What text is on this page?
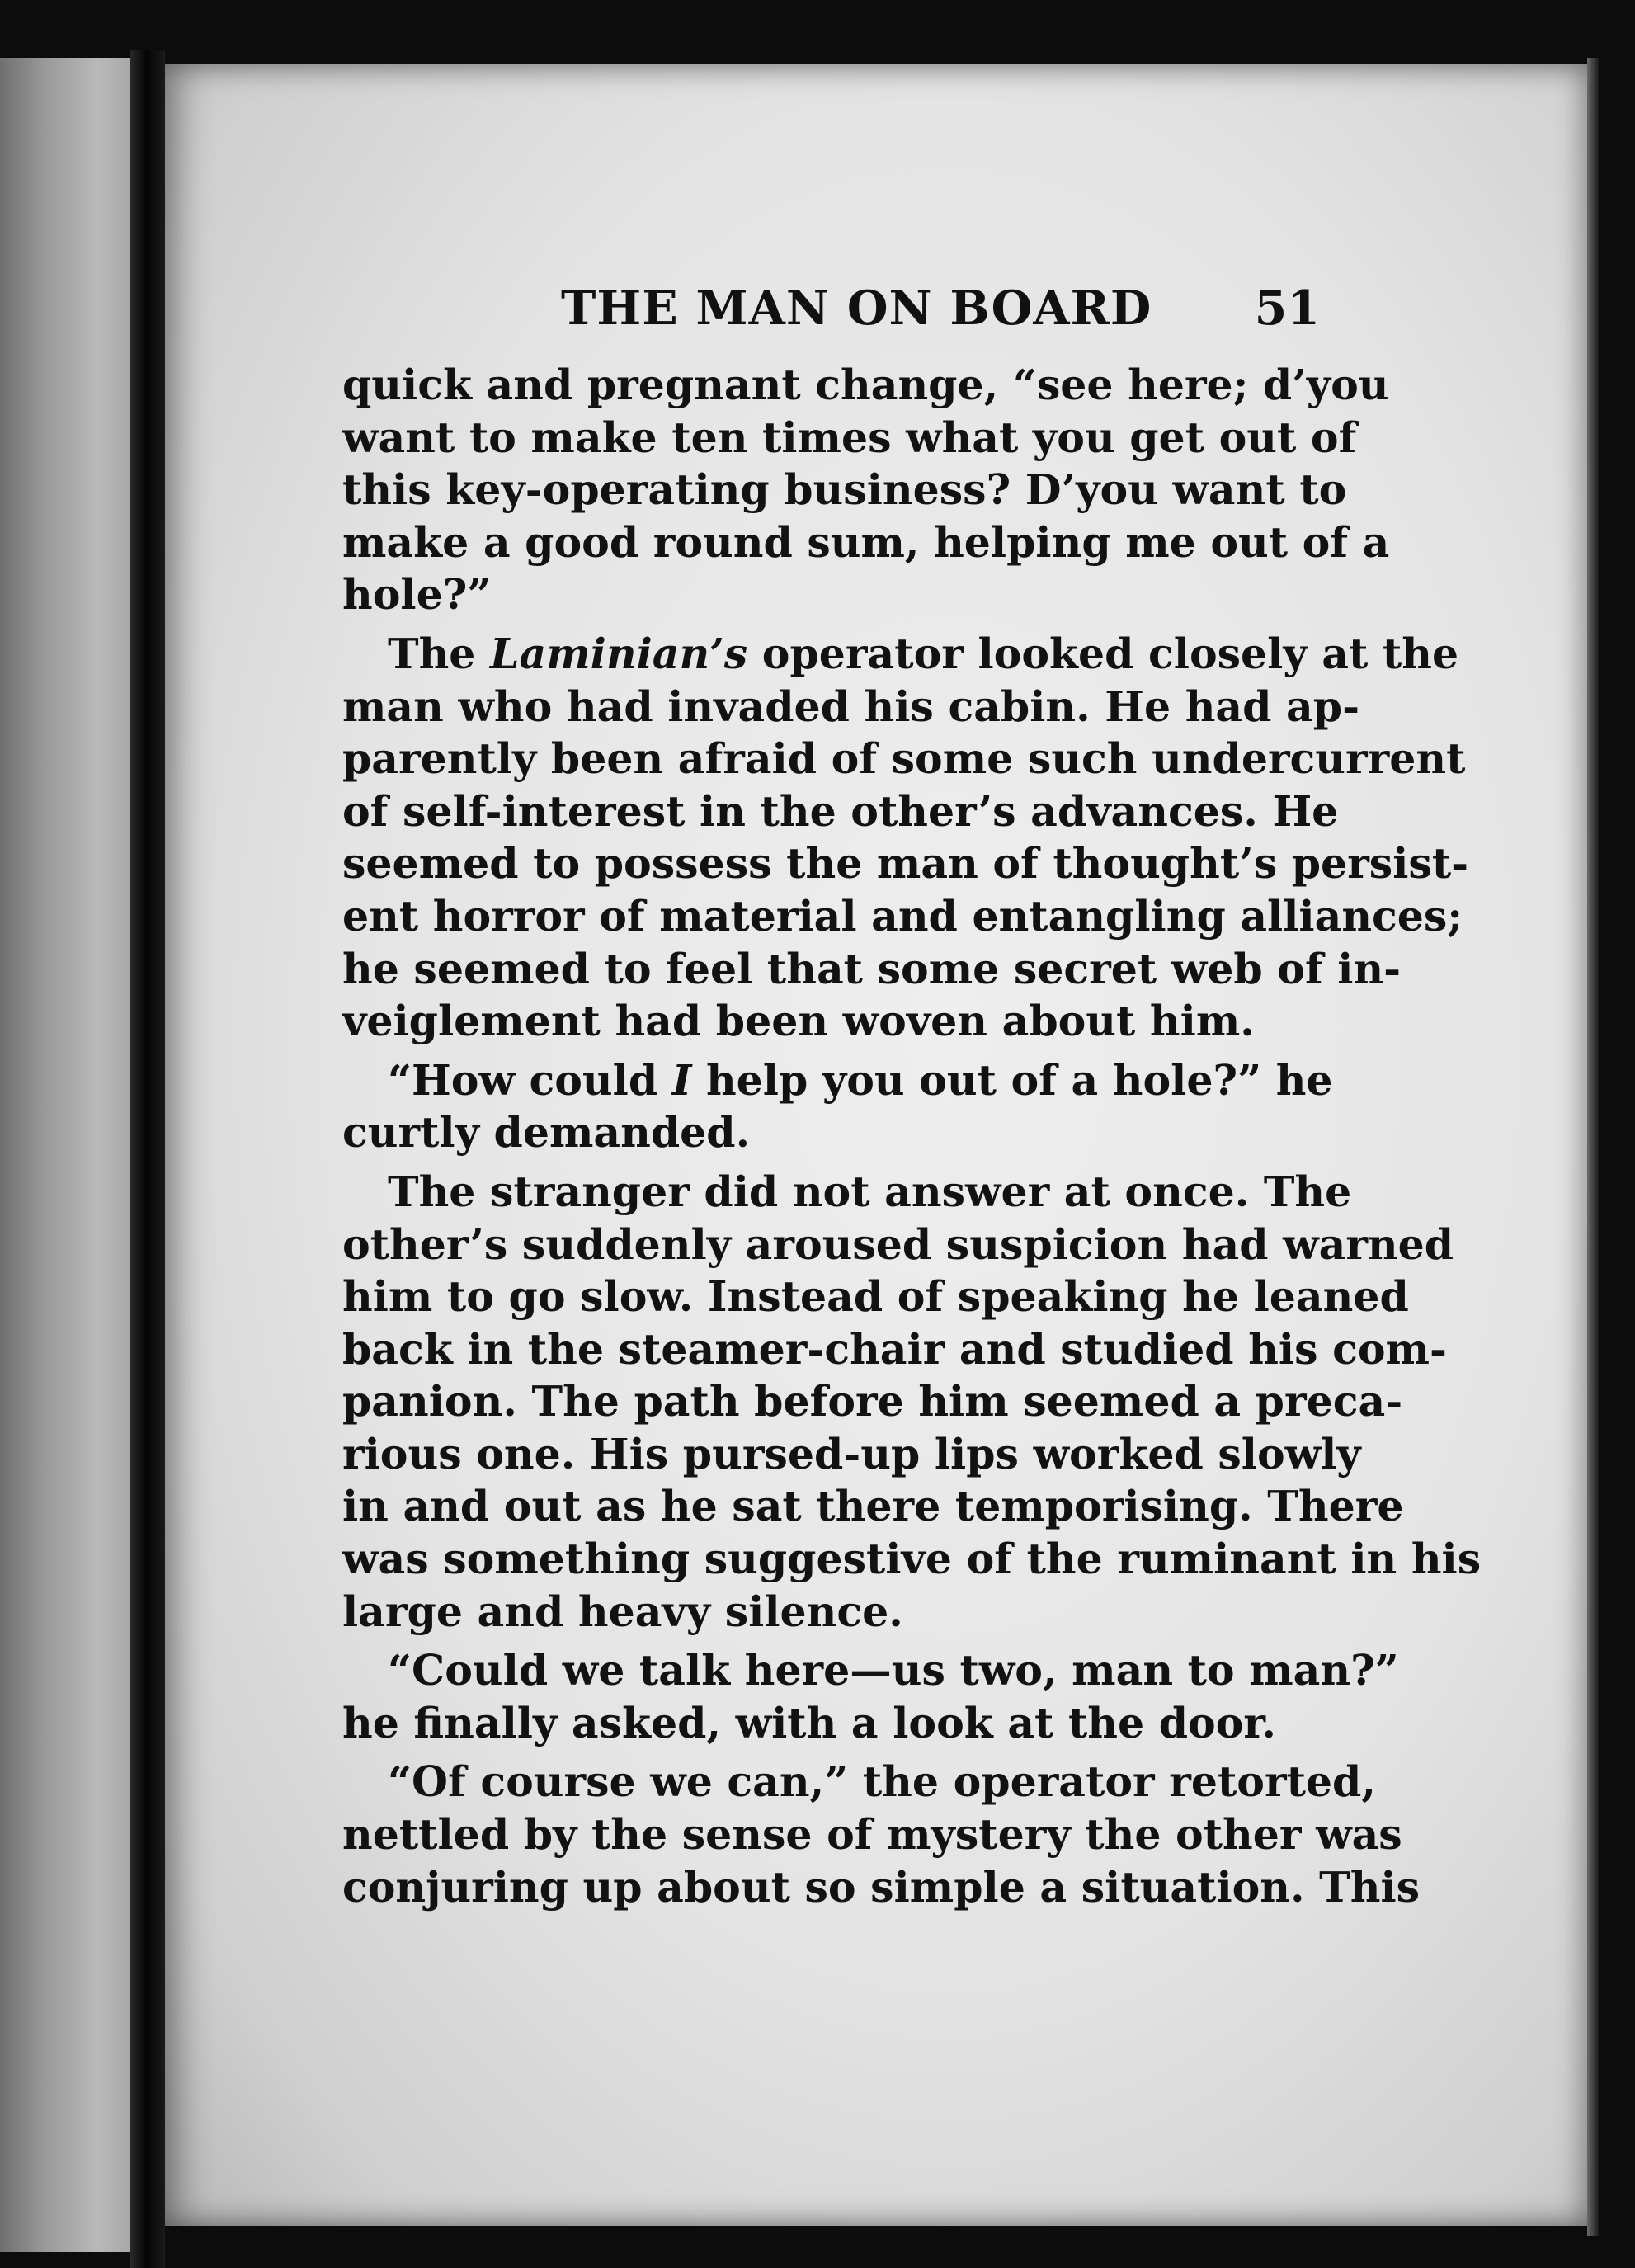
THE MAN ON BOARD 51
quick and pregnant change, “see here; d’you
want to make ten times what you get out of
this key-operating business? D’you want to
make a good round sum, helping me out of a
hole?”
The Laminian’s operator looked closely at the
man who had invaded his cabin. He had ap-
parently been afraid of some such undercurrent
of self-interest in the other’s advances. He
seemed to possess the man of thought’s persist-
ent horror of material and entangling alliances;
he seemed to feel that some secret web of in-
veiglement had been woven about him.
“How could I help you out of a hole?” he
curtly demanded.
The stranger did not answer at once. The
other’s suddenly aroused suspicion had warned
him to go slow. Instead of speaking he leaned
back in the steamer-chair and studied his com-
panion. The path before him seemed a preca-
rious one. His pursed-up lips worked slowly
in and out as he sat there temporising. There
was something suggestive of the ruminant in his
large and heavy silence.
“Could we talk here—us two, man to man?”
he finally asked, with a look at the door.
“Of course we can,” the operator retorted,
nettled by the sense of mystery the other was
conjuring up about so simple a situation. This
